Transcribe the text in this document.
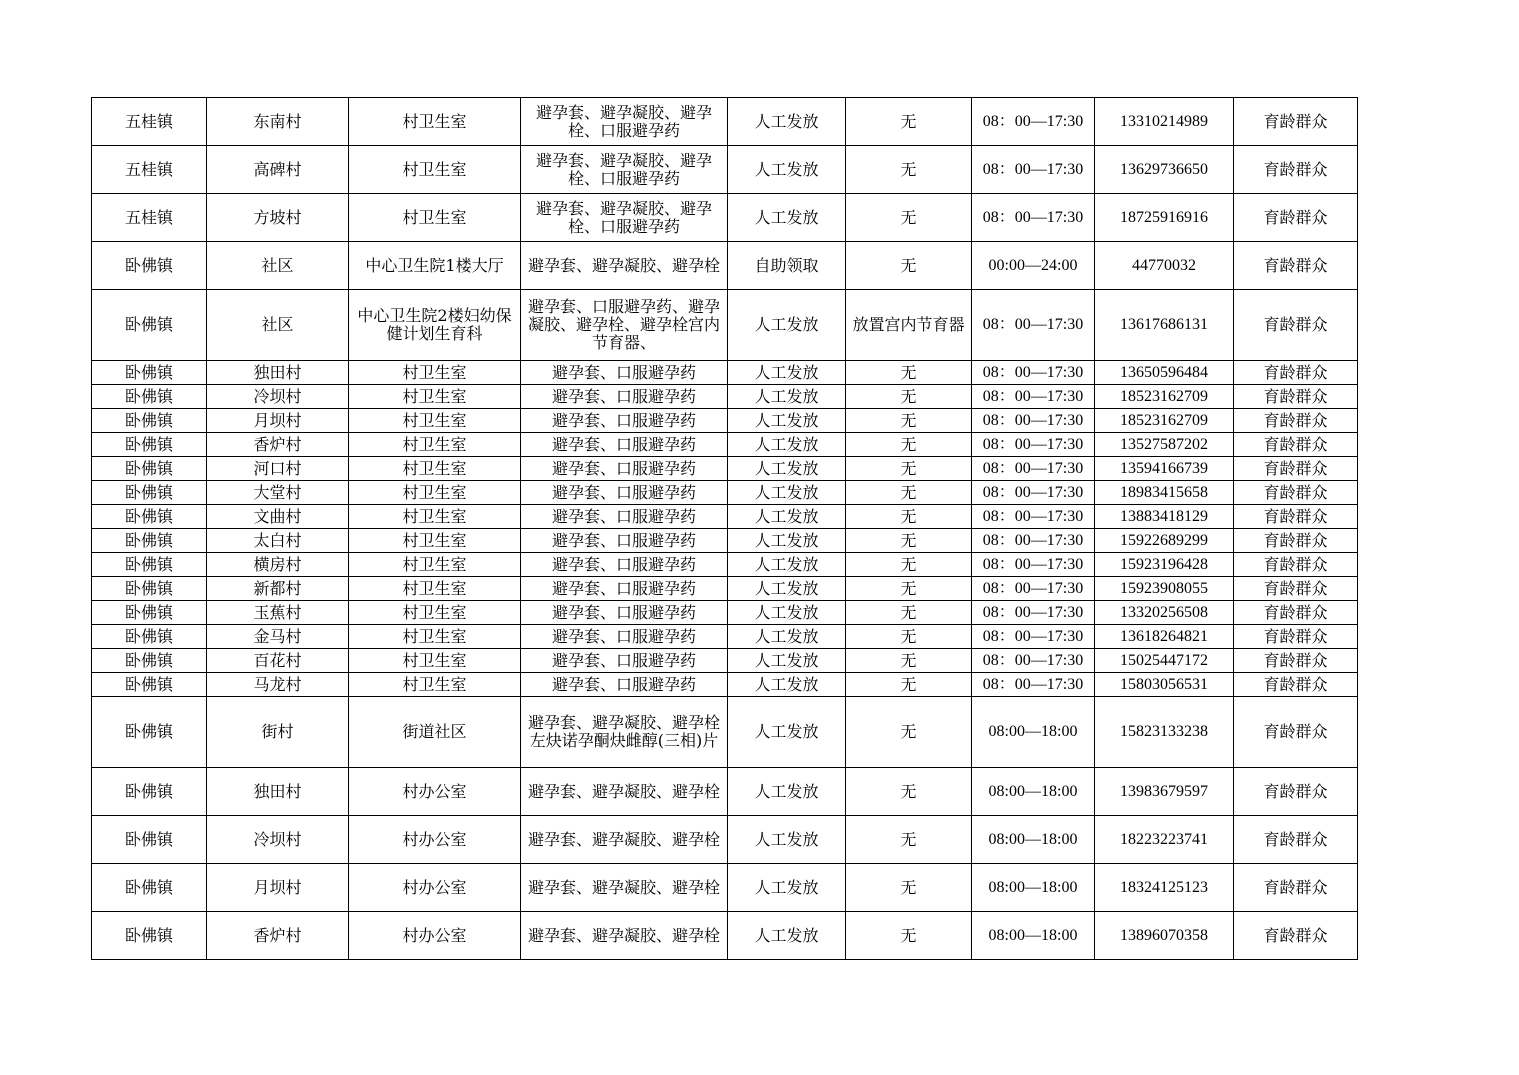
五桂镇	东南村	村卫生室	避孕套、避孕凝胶、避孕栓、口服避孕药	人工发放	无	08：00—17:30	13310214989	育龄群众
五桂镇	高碑村	村卫生室	避孕套、避孕凝胶、避孕栓、口服避孕药	人工发放	无	08：00—17:30	13629736650	育龄群众
五桂镇	方坡村	村卫生室	避孕套、避孕凝胶、避孕栓、口服避孕药	人工发放	无	08：00—17:30	18725916916	育龄群众
卧佛镇	社区	中心卫生院1楼大厅	避孕套、避孕凝胶、避孕栓	自助领取	无	00:00—24:00	44770032	育龄群众
卧佛镇	社区	中心卫生院2楼妇幼保健计划生育科	避孕套、口服避孕药、避孕凝胶、避孕栓、避孕栓宫内节育器、	人工发放	放置宫内节育器	08：00—17:30	13617686131	育龄群众
卧佛镇	独田村	村卫生室	避孕套、口服避孕药	人工发放	无	08：00—17:30	13650596484	育龄群众
卧佛镇	冷坝村	村卫生室	避孕套、口服避孕药	人工发放	无	08：00—17:30	18523162709	育龄群众
卧佛镇	月坝村	村卫生室	避孕套、口服避孕药	人工发放	无	08：00—17:30	18523162709	育龄群众
卧佛镇	香炉村	村卫生室	避孕套、口服避孕药	人工发放	无	08：00—17:30	13527587202	育龄群众
卧佛镇	河口村	村卫生室	避孕套、口服避孕药	人工发放	无	08：00—17:30	13594166739	育龄群众
卧佛镇	大堂村	村卫生室	避孕套、口服避孕药	人工发放	无	08：00—17:30	18983415658	育龄群众
卧佛镇	文曲村	村卫生室	避孕套、口服避孕药	人工发放	无	08：00—17:30	13883418129	育龄群众
卧佛镇	太白村	村卫生室	避孕套、口服避孕药	人工发放	无	08：00—17:30	15922689299	育龄群众
卧佛镇	横房村	村卫生室	避孕套、口服避孕药	人工发放	无	08：00—17:30	15923196428	育龄群众
卧佛镇	新都村	村卫生室	避孕套、口服避孕药	人工发放	无	08：00—17:30	15923908055	育龄群众
卧佛镇	玉蕉村	村卫生室	避孕套、口服避孕药	人工发放	无	08：00—17:30	13320256508	育龄群众
卧佛镇	金马村	村卫生室	避孕套、口服避孕药	人工发放	无	08：00—17:30	13618264821	育龄群众
卧佛镇	百花村	村卫生室	避孕套、口服避孕药	人工发放	无	08：00—17:30	15025447172	育龄群众
卧佛镇	马龙村	村卫生室	避孕套、口服避孕药	人工发放	无	08：00—17:30	15803056531	育龄群众
卧佛镇	街村	街道社区	避孕套、避孕凝胶、避孕栓 左炔诺孕酮炔雌醇(三相)片	人工发放	无	08:00—18:00	15823133238	育龄群众
卧佛镇	独田村	村办公室	避孕套、避孕凝胶、避孕栓	人工发放	无	08:00—18:00	13983679597	育龄群众
卧佛镇	冷坝村	村办公室	避孕套、避孕凝胶、避孕栓	人工发放	无	08:00—18:00	18223223741	育龄群众
卧佛镇	月坝村	村办公室	避孕套、避孕凝胶、避孕栓	人工发放	无	08:00—18:00	18324125123	育龄群众
卧佛镇	香炉村	村办公室	避孕套、避孕凝胶、避孕栓	人工发放	无	08:00—18:00	13896070358	育龄群众
